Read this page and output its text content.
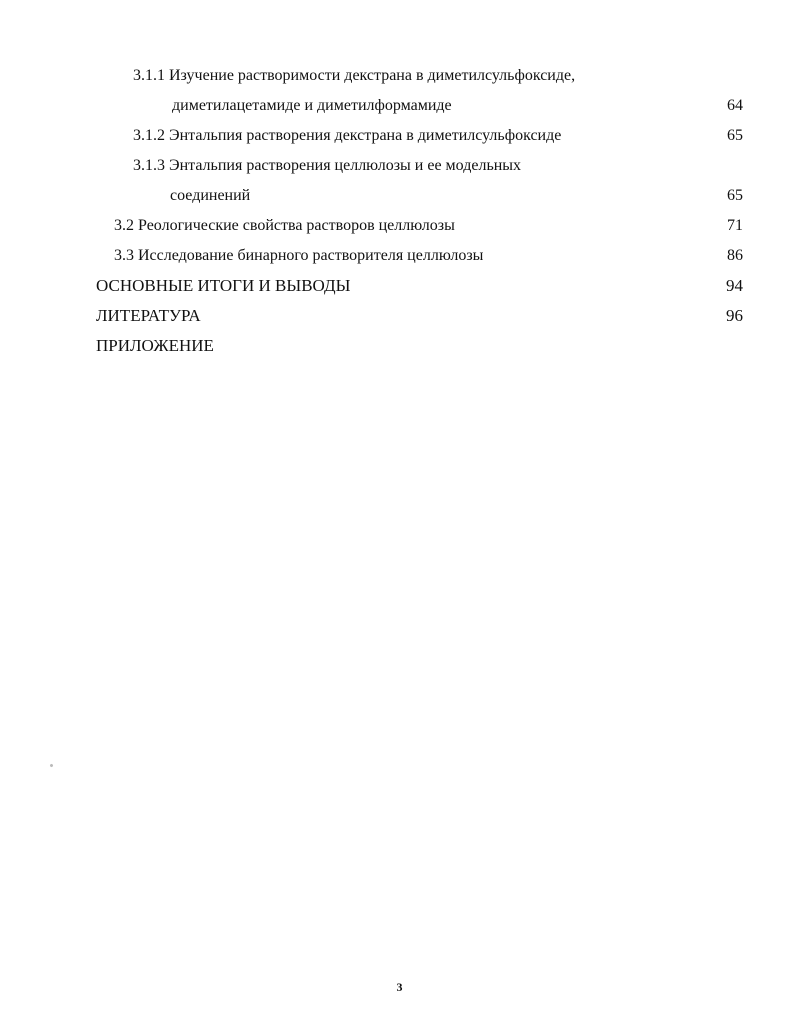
3.1.1 Изучение растворимости декстрана в диметилсульфоксиде,
диметилацетамиде и диметилформамиде	64
3.1.2 Энтальпия растворения декстрана в диметилсульфоксиде	65
3.1.3 Энтальпия растворения целлюлозы и ее модельных
соединений	65
3.2 Реологические свойства растворов целлюлозы	71
3.3 Исследование бинарного растворителя целлюлозы	86
ОСНОВНЫЕ ИТОГИ И ВЫВОДЫ	94
ЛИТЕРАТУРА	96
ПРИЛОЖЕНИЕ
3
